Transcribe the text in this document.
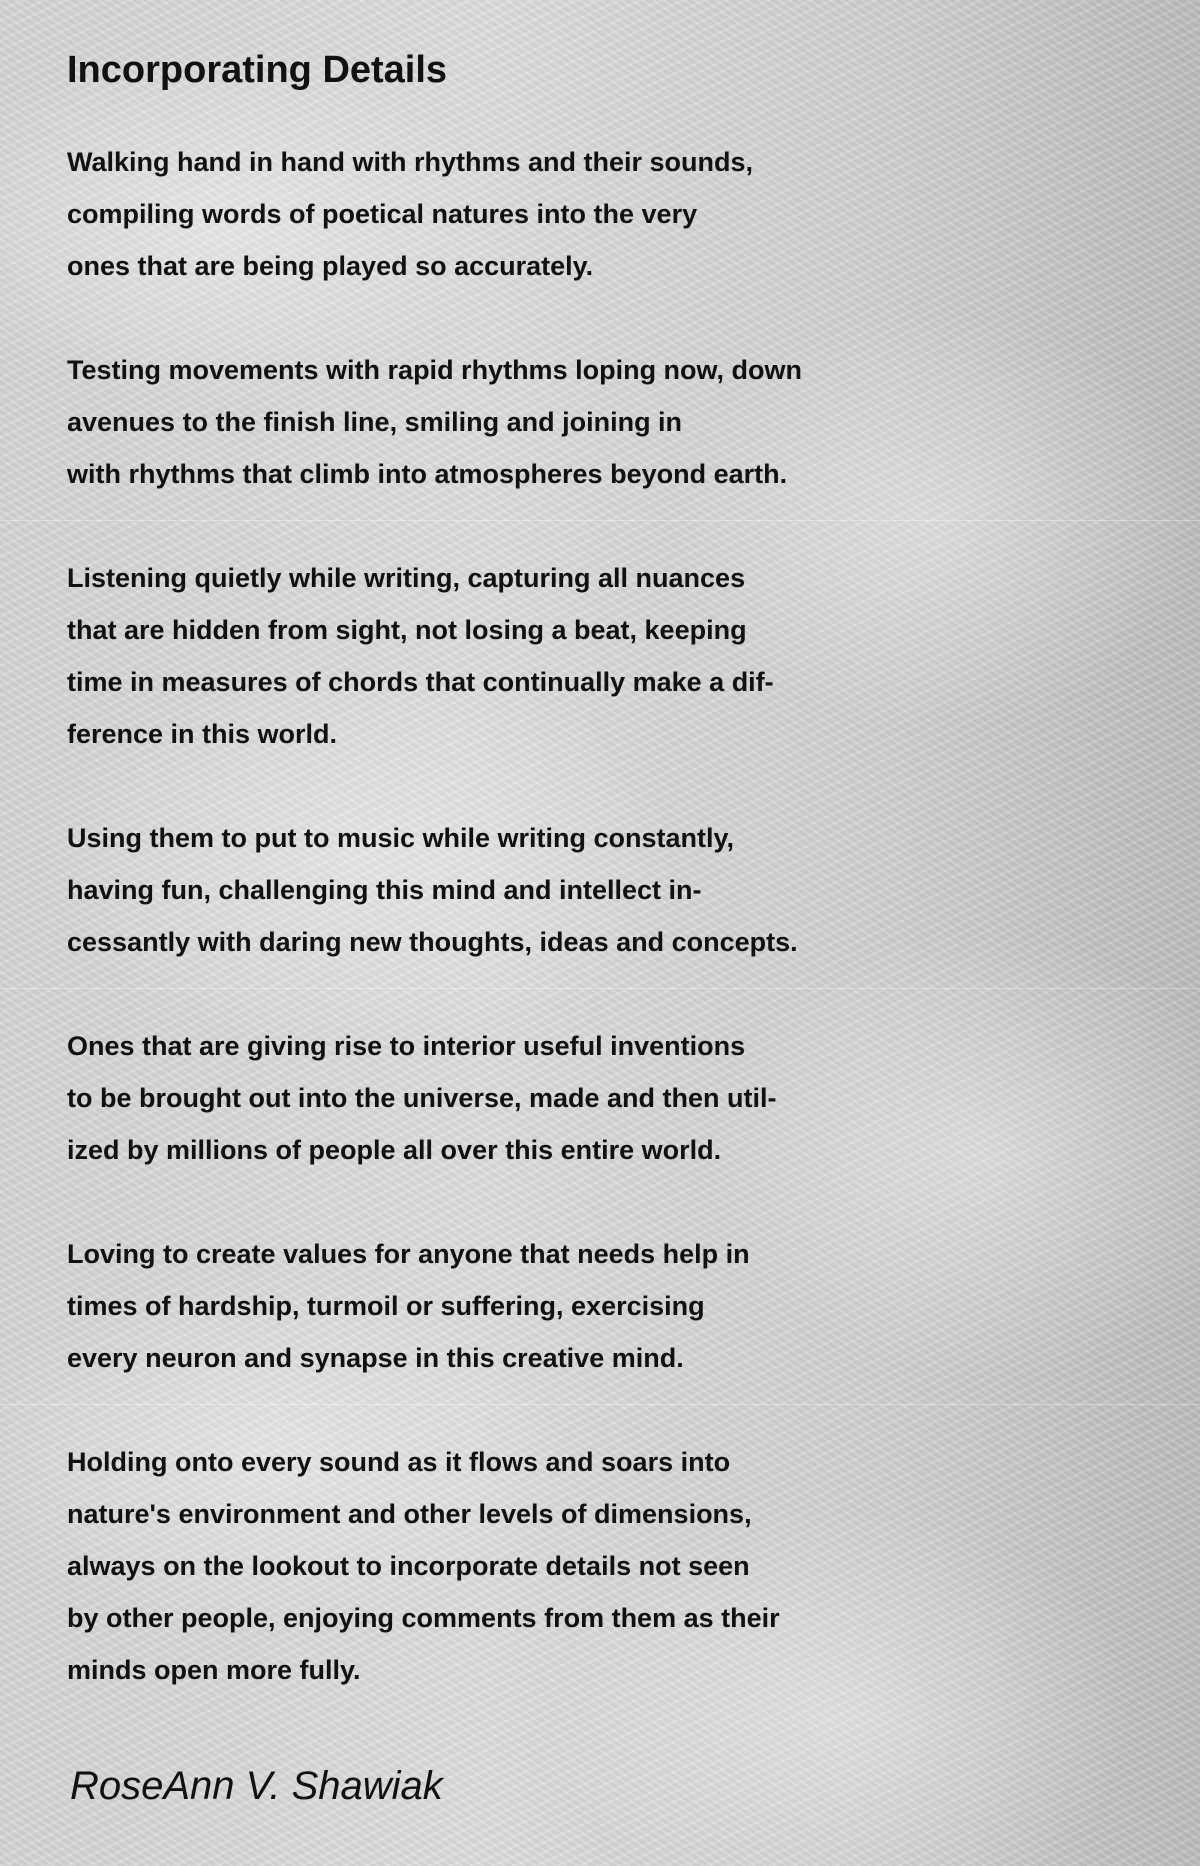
Incorporating Details
Walking hand in hand with rhythms and their sounds,
compiling words of poetical natures into the very
ones that are being played so accurately.
Testing movements with rapid rhythms loping now, down
avenues to the finish line, smiling and joining in
with rhythms that climb into atmospheres beyond earth.
Listening quietly while writing, capturing all nuances
that are hidden from sight, not losing a beat, keeping
time in measures of chords that continually make a dif-
ference in this world.
Using them to put to music while writing constantly,
having fun, challenging this mind and intellect in-
cessantly with daring new thoughts, ideas and concepts.
Ones that are giving rise to interior useful inventions
to be brought out into the universe, made and then util-
ized by millions of people all over this entire world.
Loving to create values for anyone that needs help in
times of hardship, turmoil or suffering, exercising
every neuron and synapse in this creative mind.
Holding onto every sound as it flows and soars into
nature's environment and other levels of dimensions,
always on the lookout to incorporate details not seen
by other people, enjoying comments from them as their
minds open more fully.

RoseAnn V. Shawiak
